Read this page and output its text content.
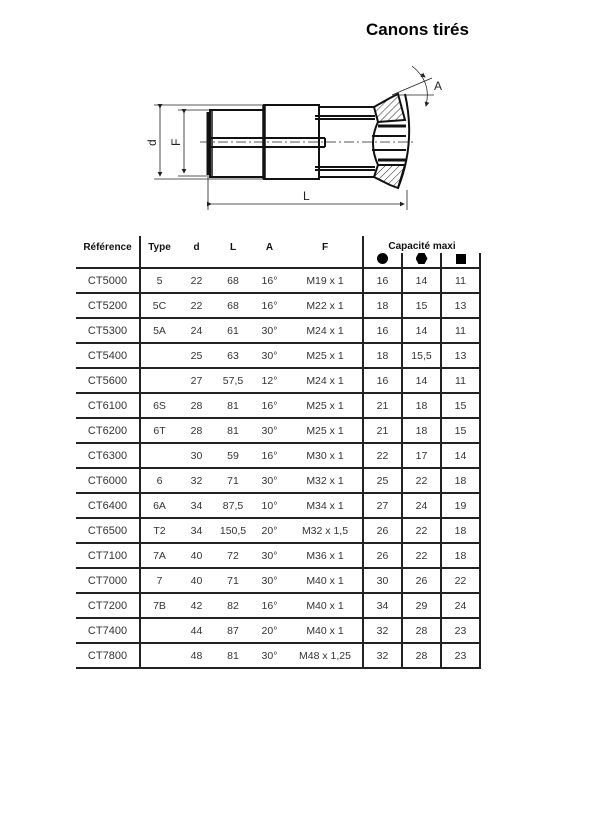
Canons tirés
d F
L
A
Référence	Type	d	L	A	F	Capacité maxi		

CT5000	5	22	68	16°	M19 x 1	16	14	11
CT5200	5C	22	68	16°	M22 x 1	18	15	13
CT5300	5A	24	61	30°	M24 x 1	16	14	11
CT5400		25	63	30°	M25 x 1	18	15,5	13
CT5600		27	57,5	12°	M24 x 1	16	14	11
CT6100	6S	28	81	16°	M25 x 1	21	18	15
CT6200	6T	28	81	30°	M25 x 1	21	18	15
CT6300		30	59	16°	M30 x 1	22	17	14
CT6000	6	32	71	30°	M32 x 1	25	22	18
CT6400	6A	34	87,5	10°	M34 x 1	27	24	19
CT6500	T2	34	150,5	20°	M32 x 1,5	26	22	18
CT7100	7A	40	72	30°	M36 x 1	26	22	18
CT7000	7	40	71	30°	M40 x 1	30	26	22
CT7200	7B	42	82	16°	M40 x 1	34	29	24
CT7400		44	87	20°	M40 x 1	32	28	23
CT7800		48	81	30°	M48 x 1,25	32	28	23
